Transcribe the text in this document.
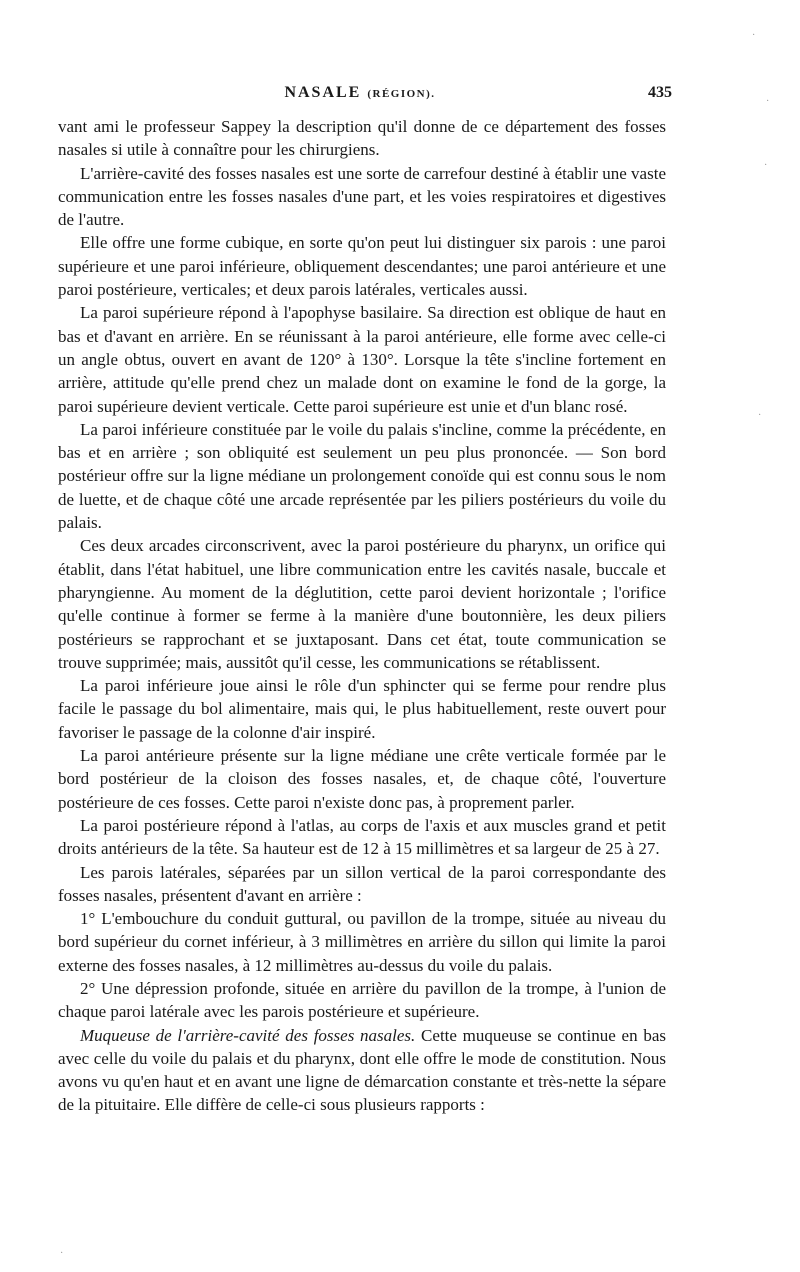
NASALE (RÉGION).	435

vant ami le professeur Sappey la description qu'il donne de ce département des fosses nasales si utile à connaître pour les chirurgiens.

L'arrière-cavité des fosses nasales est une sorte de carrefour destiné à établir une vaste communication entre les fosses nasales d'une part, et les voies respiratoires et digestives de l'autre.

Elle offre une forme cubique, en sorte qu'on peut lui distinguer six parois : une paroi supérieure et une paroi inférieure, obliquement descendantes; une paroi antérieure et une paroi postérieure, verticales; et deux parois latérales, verticales aussi.

La paroi supérieure répond à l'apophyse basilaire. Sa direction est oblique de haut en bas et d'avant en arrière. En se réunissant à la paroi antérieure, elle forme avec celle-ci un angle obtus, ouvert en avant de 120° à 130°. Lorsque la tête s'incline fortement en arrière, attitude qu'elle prend chez un malade dont on examine le fond de la gorge, la paroi supérieure devient verticale. Cette paroi supérieure est unie et d'un blanc rosé.

La paroi inférieure constituée par le voile du palais s'incline, comme la précédente, en bas et en arrière ; son obliquité est seulement un peu plus prononcée. — Son bord postérieur offre sur la ligne médiane un prolongement conoïde qui est connu sous le nom de luette, et de chaque côté une arcade représentée par les piliers postérieurs du voile du palais.

Ces deux arcades circonscrivent, avec la paroi postérieure du pharynx, un orifice qui établit, dans l'état habituel, une libre communication entre les cavités nasale, buccale et pharyngienne. Au moment de la déglutition, cette paroi devient horizontale ; l'orifice qu'elle continue à former se ferme à la manière d'une boutonnière, les deux piliers postérieurs se rapprochant et se juxtaposant. Dans cet état, toute communication se trouve supprimée; mais, aussitôt qu'il cesse, les communications se rétablissent.

La paroi inférieure joue ainsi le rôle d'un sphincter qui se ferme pour rendre plus facile le passage du bol alimentaire, mais qui, le plus habituellement, reste ouvert pour favoriser le passage de la colonne d'air inspiré.

La paroi antérieure présente sur la ligne médiane une crête verticale formée par le bord postérieur de la cloison des fosses nasales, et, de chaque côté, l'ouverture postérieure de ces fosses. Cette paroi n'existe donc pas, à proprement parler.

La paroi postérieure répond à l'atlas, au corps de l'axis et aux muscles grand et petit droits antérieurs de la tête. Sa hauteur est de 12 à 15 millimètres et sa largeur de 25 à 27.

Les parois latérales, séparées par un sillon vertical de la paroi correspondante des fosses nasales, présentent d'avant en arrière :

1° L'embouchure du conduit guttural, ou pavillon de la trompe, située au niveau du bord supérieur du cornet inférieur, à 3 millimètres en arrière du sillon qui limite la paroi externe des fosses nasales, à 12 millimètres au-dessus du voile du palais.

2° Une dépression profonde, située en arrière du pavillon de la trompe, à l'union de chaque paroi latérale avec les parois postérieure et supérieure.

Muqueuse de l'arrière-cavité des fosses nasales. Cette muqueuse se continue en bas avec celle du voile du palais et du pharynx, dont elle offre le mode de constitution. Nous avons vu qu'en haut et en avant une ligne de démarcation constante et très-nette la sépare de la pituitaire. Elle diffère de celle-ci sous plusieurs rapports :

·
·
·
·
·
